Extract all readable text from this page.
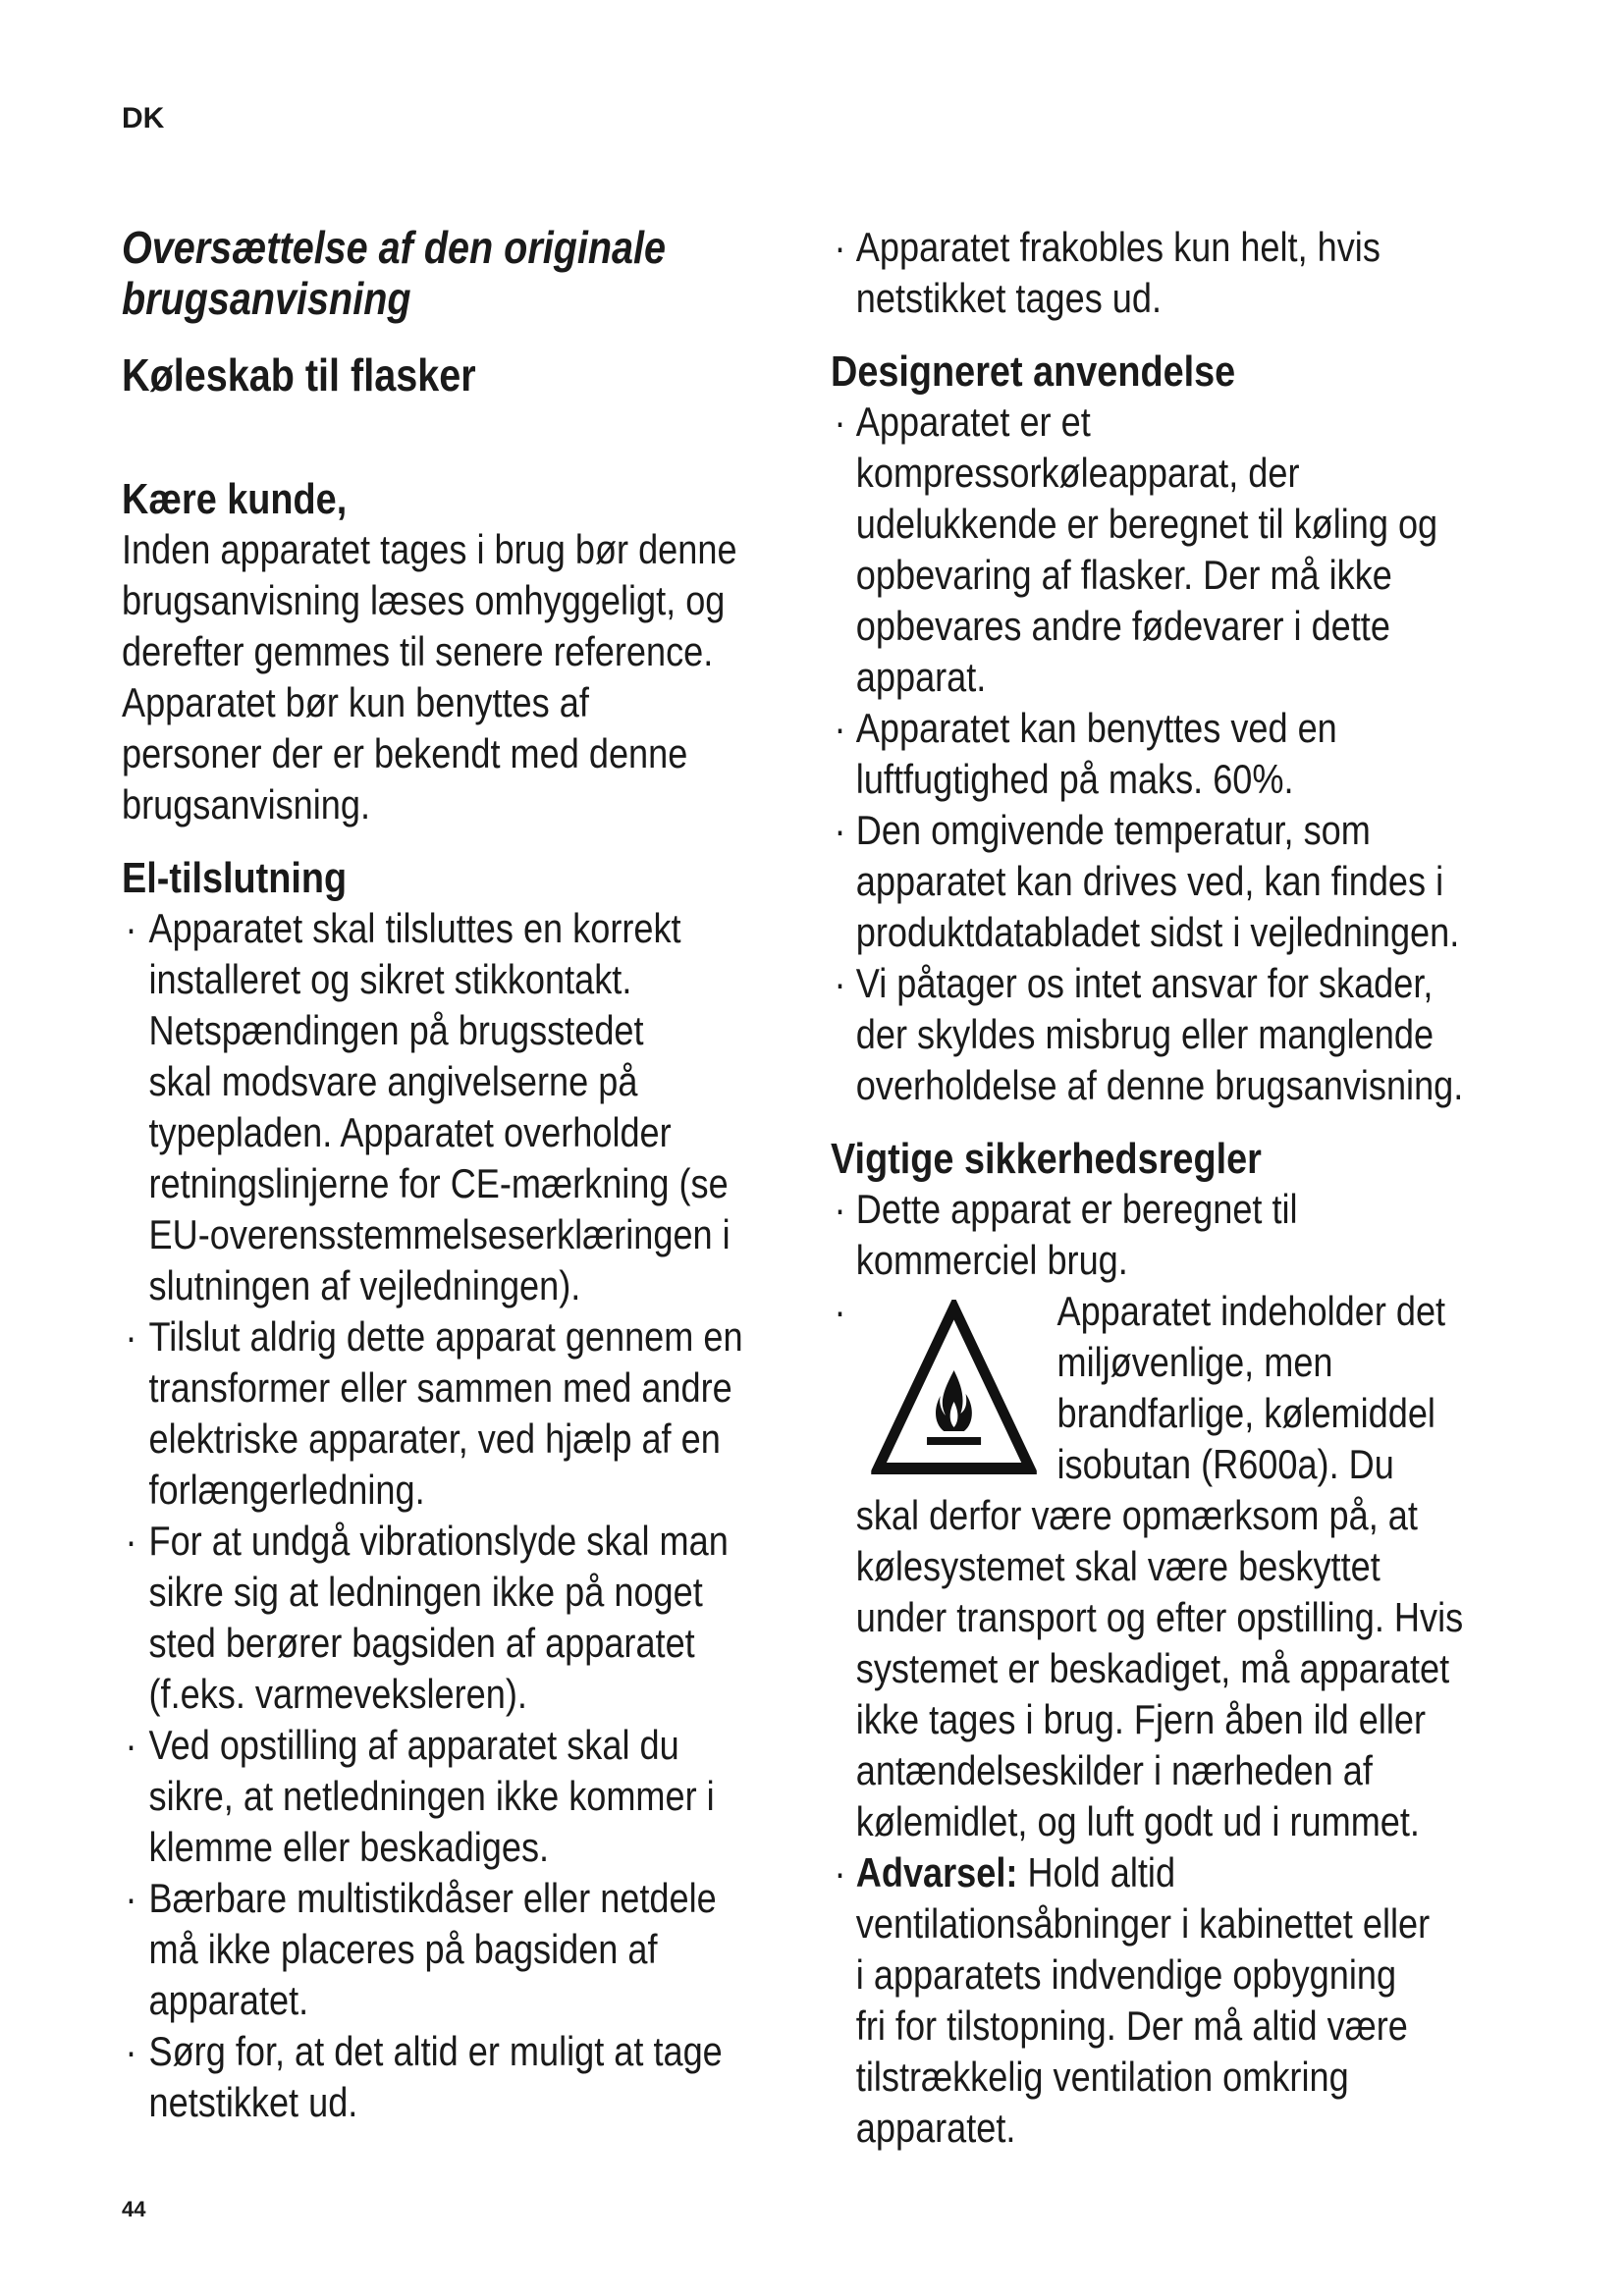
DK
Oversættelse af den originale
brugsanvisning
Køleskab til flasker
Kære kunde,
Inden apparatet tages i brug bør denne
brugsanvisning læses omhyggeligt, og
derefter gemmes til senere reference.
Apparatet bør kun benyttes af
personer der er bekendt med denne
brugsanvisning.
El-tilslutning
· Apparatet skal tilsluttes en korrekt
installeret og sikret stikkontakt.
Netspændingen på brugsstedet
skal modsvare angivelserne på
typepladen. Apparatet overholder
retningslinjerne for CE-mærkning (se
EU-overensstemmelseserklæringen i
slutningen af vejledningen).
· Tilslut aldrig dette apparat gennem en
transformer eller sammen med andre
elektriske apparater, ved hjælp af en
forlængerledning.
· For at undgå vibrationslyde skal man
sikre sig at ledningen ikke på noget
sted berører bagsiden af apparatet
(f.eks. varmeveksleren).
· Ved opstilling af apparatet skal du
sikre, at netledningen ikke kommer i
klemme eller beskadiges.
· Bærbare multistikdåser eller netdele
må ikke placeres på bagsiden af
apparatet.
· Sørg for, at det altid er muligt at tage
netstikket ud.
· Apparatet frakobles kun helt, hvis
netstikket tages ud.
Designeret anvendelse
· Apparatet er et
kompressorkøleapparat, der
udelukkende er beregnet til køling og
opbevaring af flasker. Der må ikke
opbevares andre fødevarer i dette
apparat.
· Apparatet kan benyttes ved en
luftfugtighed på maks. 60%.
· Den omgivende temperatur, som
apparatet kan drives ved, kan findes i
produktdatabladet sidst i vejledningen.
· Vi påtager os intet ansvar for skader,
der skyldes misbrug eller manglende
overholdelse af denne brugsanvisning.
Vigtige sikkerhedsregler
· Dette apparat er beregnet til
kommerciel brug.
·	Apparatet indeholder det
miljøvenlige, men
brandfarlige, kølemiddel
isobutan (R600a). Du
skal derfor være opmærksom på, at
kølesystemet skal være beskyttet
under transport og efter opstilling. Hvis
systemet er beskadiget, må apparatet
ikke tages i brug. Fjern åben ild eller
antændelseskilder i nærheden af
kølemidlet, og luft godt ud i rummet.
· Advarsel: Hold altid
ventilationsåbninger i kabinettet eller
i apparatets indvendige opbygning
fri for tilstopning. Der må altid være
tilstrækkelig ventilation omkring
apparatet.
44
